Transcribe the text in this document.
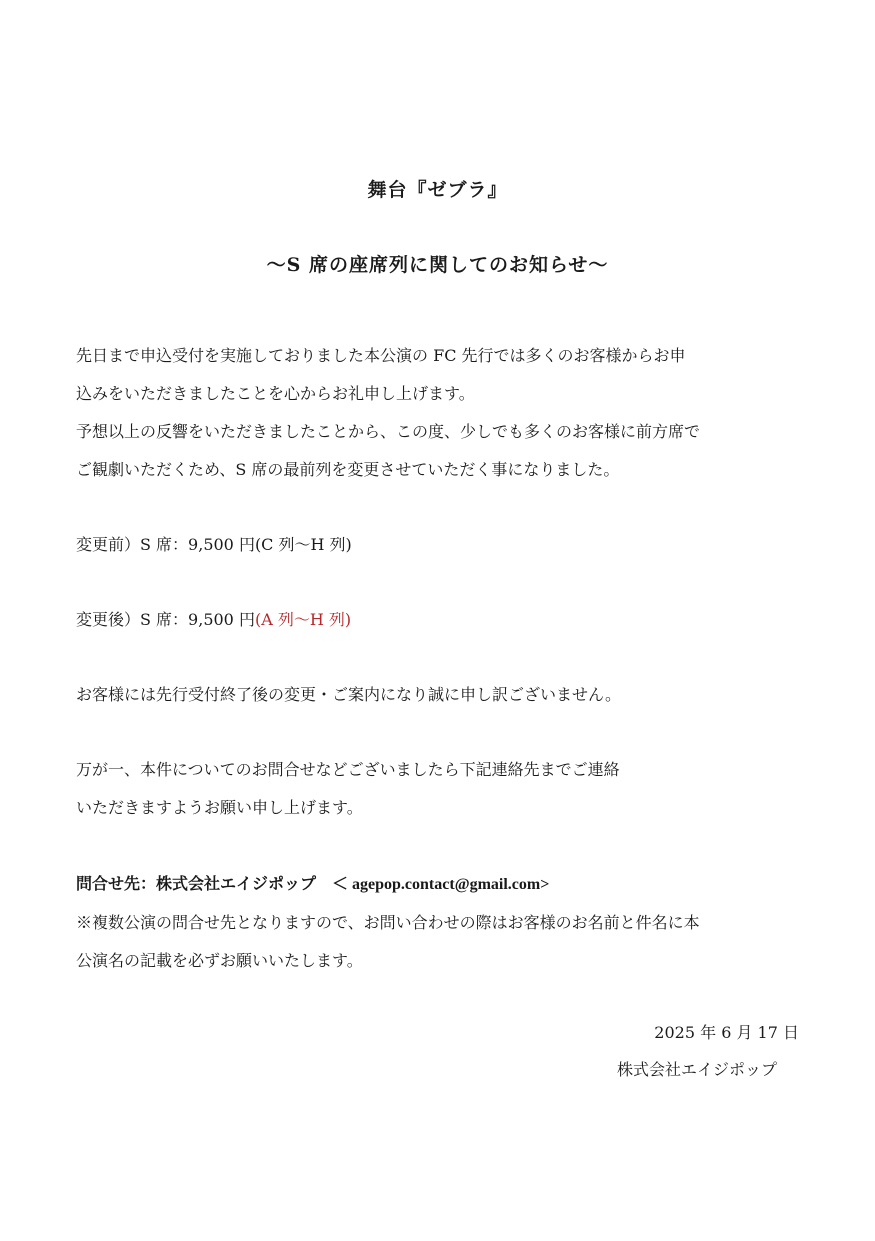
舞台『ゼブラ』
〜S 席の座席列に関してのお知らせ〜
先日まで申込受付を実施しておりました本公演の FC 先行では多くのお客様からお申
込みをいただきましたことを心からお礼申し上げます。
予想以上の反響をいただきましたことから、この度、少しでも多くのお客様に前方席で
ご観劇いただくため、S 席の最前列を変更させていただく事になりました。
変更前）S 席：9,500 円(C 列〜H 列)
変更後）S 席：9,500 円(A 列〜H 列)
お客様には先行受付終了後の変更・ご案内になり誠に申し訳ございません。
万が一、本件についてのお問合せなどございましたら下記連絡先までご連絡
いただきますようお願い申し上げます。
問合せ先：株式会社エイジポップ　 ＜ agepop.contact@gmail.com>
※複数公演の問合せ先となりますので、お問い合わせの際はお客様のお名前と件名に本
公演名の記載を必ずお願いいたします。
2025 年 6 月 17 日
株式会社エイジポップ
